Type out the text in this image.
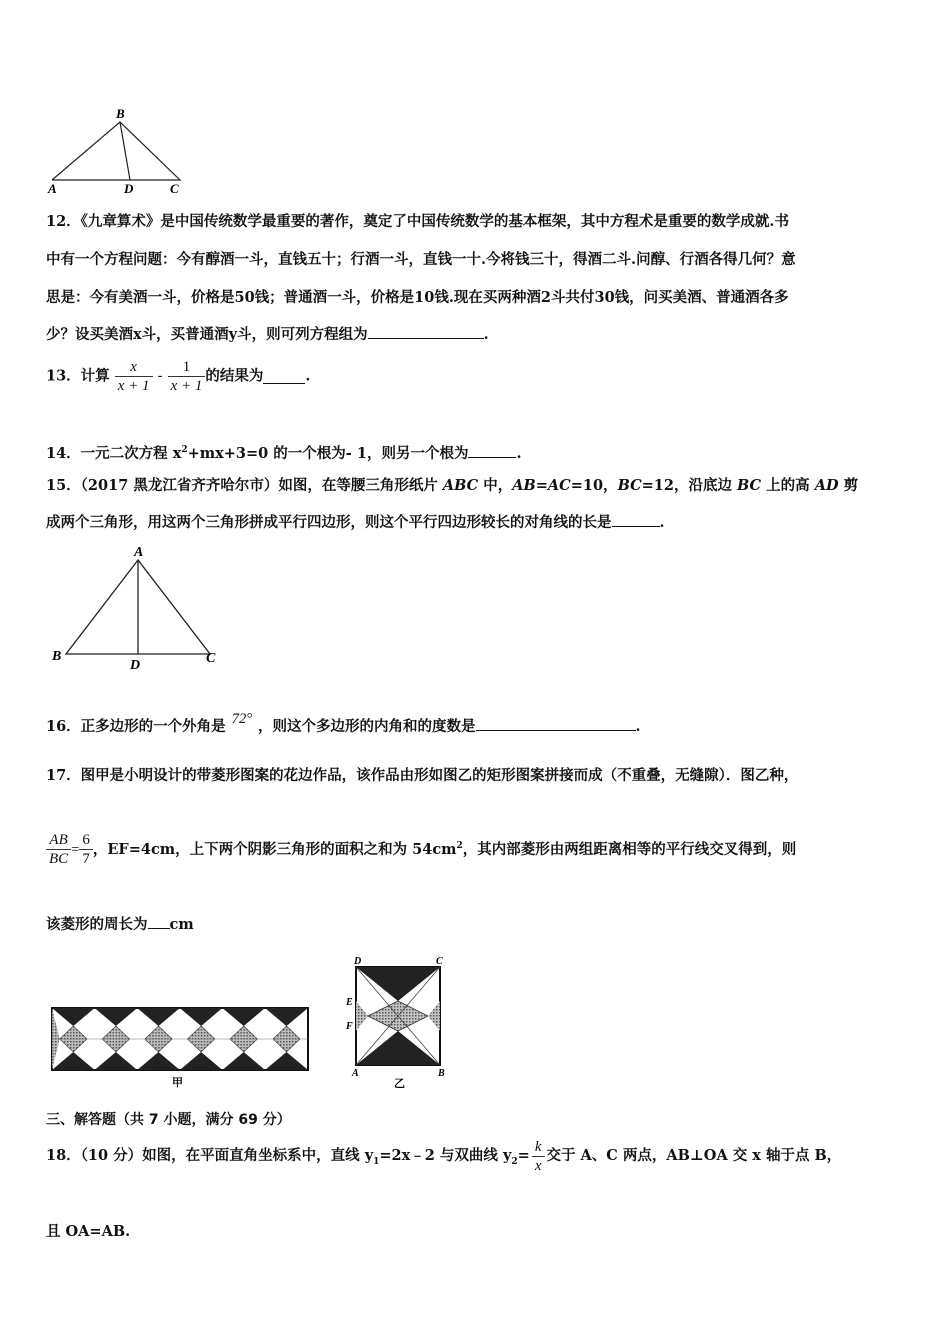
B
A	D	C
12．《九章算术》是中国传统数学最重要的著作，奠定了中国传统数学的基本框架，其中方程术是重要的数学成就.书
中有一个方程问题：今有醇酒一斗，直钱五十；行酒一斗，直钱一十.今将钱三十，得酒二斗.问醇、行酒各得几何？意
思是：今有美酒一斗，价格是50钱；普通酒一斗，价格是10钱.现在买两种酒2斗共付30钱，问买美酒、普通酒各多
少？设买美酒x斗，买普通酒y斗，则可列方程组为	.
13．计算 $\frac{x}{x + 1} - \frac{1}{x + 1}$ 的结果为	.
14．一元二次方程 $x^2+mx+3=0$ 的一个根为- 1，则另一个根为	.
15．（2017 黑龙江省齐齐哈尔市）如图，在等腰三角形纸片 ABC 中，AB=AC=10，BC=12，沿底边 BC 上的高 AD 剪
成两个三角形，用这两个三角形拼成平行四边形，则这个平行四边形较长的对角线的长是	.
A
B
D	C
16．正多边形的一个外角是 72° ，则这个多边形的内角和的度数是	.
17．图甲是小明设计的带菱形图案的花边作品，该作品由形如图乙的矩形图案拼接而成（不重叠，无缝隙）．图乙种，
$\frac{AB}{BC} = \frac{6}{7}$ ，EF=4cm，上下两个阴影三角形的面积之和为 $54cm^2$，其内部菱形由两组距离相等的平行线交叉得到，则
该菱形的周长为 cm
甲
D	C
E
F
A	B
乙
三、解答题（共 7 小题，满分 69 分）
18．（10 分）如图，在平面直角坐标系中，直线 $y_1=2x﹣2$ 与双曲线 $y_2= \frac{k}{x}$ 交于 A、C 两点，AB⊥OA 交 x 轴于点 B，
且 OA=AB.
